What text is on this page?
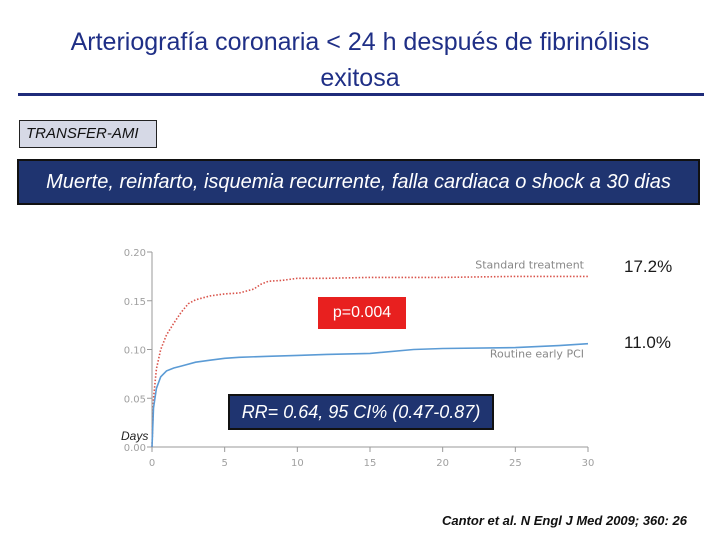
Arteriografía coronaria < 24 h después de fibrinólisis
exitosa
TRANSFER-AMI
Muerte, reinfarto, isquemia recurrente, falla cardiaca o shock a 30 dias
0.00
0.05
0.10
0.15
0.20
0	5	10	15	20	25	30
Standard treatment
Routine early PCI
17.2%
11.0%
p=0.004
RR= 0.64, 95 CI% (0.47-0.87)
Days
Cantor et al. N Engl J Med 2009; 360: 26
